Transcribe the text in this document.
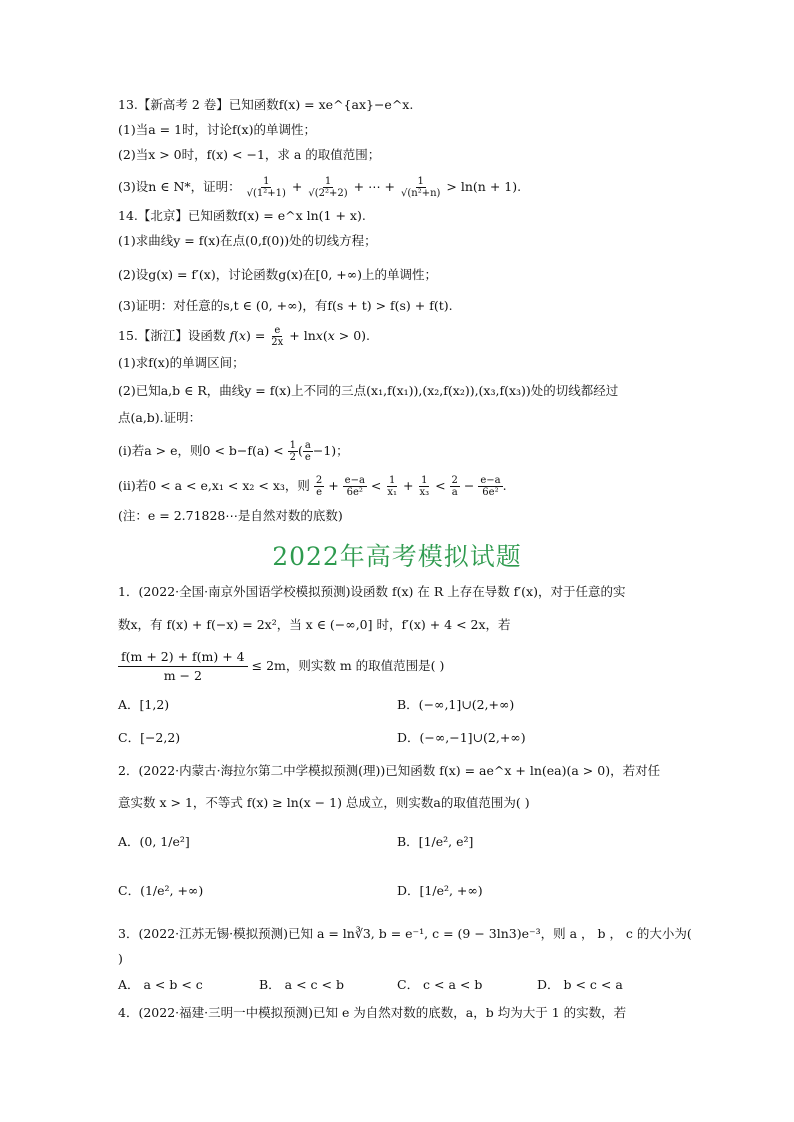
13.【新高考 2 卷】已知函数f(x) = xe^{ax}−e^x.
(1)当a = 1时，讨论f(x)的单调性；
(2)当x > 0时，f(x) < −1，求 a 的取值范围；
(3)设n ∈ N*，证明： $\frac{1}{\text{√(1²+1)}} + \frac{1}{\text{√(2²+2)}}$ + ⋯ + $\frac{1}{\text{√(n²+n)}} > \ln(n + 1)$.
14.【北京】已知函数f(x) = e^x ln(1 + x).
(1)求曲线y = f(x)在点(0,f(0))处的切线方程；
(2)设g(x) = f′(x)，讨论函数g(x)在[0, +∞)上的单调性；
(3)证明：对任意的s,t ∈ (0, +∞)，有f(s + t) > f(s) + f(t).
15.【浙江】设函数 $f(x) = \frac{e}{2x} + \ln x(x > 0)$.
(1)求f(x)的单调区间；
(2)已知a,b ∈ R，曲线y = f(x)上不同的三点(x₁,f(x₁)),(x₂,f(x₂)),(x₃,f(x₃))处的切线都经过
点(a,b).证明：
(ⅰ)若a > e，则$0 < b-f(a) < \frac{1}{2}$ ( $\frac{a}{e} -1$)；
(ⅱ)若0 < a < e,x₁ < x₂ < x₃，则 $\frac{2}{e} + \frac{e-a}{\text{6e²}} < \frac{1}{\text{x₁}} + \frac{1}{\text{x₃}} < \frac{2}{a} - \frac{e-a}{\text{6e²}}$ .
(注：e = 2.71828⋯是自然对数的底数)
2022年高考模拟试题
1．(2022·全国·南京外国语学校模拟预测)设函数 f(x) 在 R 上存在导数 f′(x)，对于任意的实
数x，有 f(x) + f(−x) = 2x²，当 x ∈ (−∞,0] 时，f′(x) + 4 < 2x，若
$\frac{f(m + 2) + f(m) + 4}{m - 2} \le 2m$，则实数 m 的取值范围是( )
A．[1,2)	B．(−∞,1]∪(2,+∞)
C．[−2,2)	D．(−∞,−1]∪(2,+∞)
2．(2022·内蒙古·海拉尔第二中学模拟预测(理))已知函数 f(x) = ae^x + ln(ea)(a > 0)，若对任
意实数 x > 1，不等式 f(x) ≥ ln(x − 1) 总成立，则实数a的取值范围为( )
A．(0, 1/e²]	B．[1/e², e²]
C．(1/e², +∞)	D．[1/e², +∞)
3．(2022·江苏无锡·模拟预测)已知 a = ln∛3, b = e⁻¹, c = (9 − 3ln3)e⁻³，则 a ， b ， c 的大小为(
)
A． a < b < c	B． a < c < b	C． c < a < b	D． b < c < a
4．(2022·福建·三明一中模拟预测)已知 e 为自然对数的底数，a，b 均为大于 1 的实数，若
